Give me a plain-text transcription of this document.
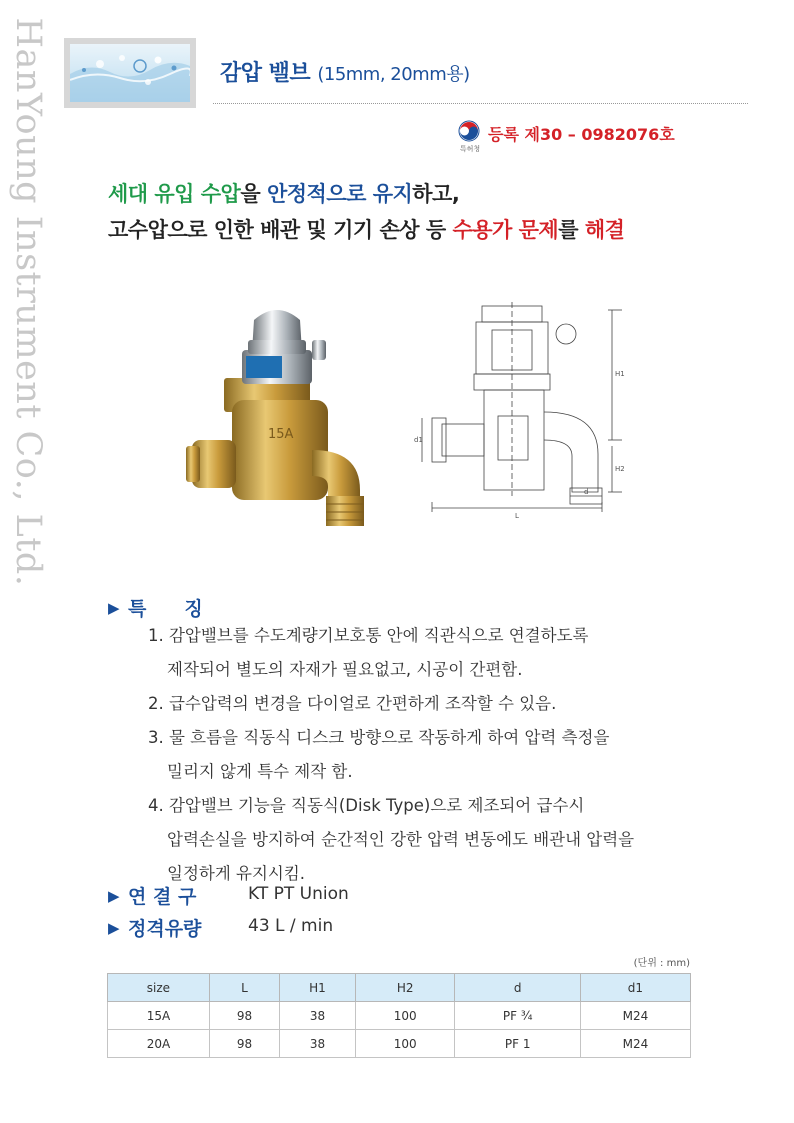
HanYoung Instrument Co., Ltd.	감압 밸브 (15mm, 20mm용)
특허청
등록 제30 – 0982076호
세대 유입 수압을 안정적으로 유지하고,
고수압으로 인한 배관 및 기기 손상 등 수용가 문제를 해결
15A
H1
H2
L
d
d1
▶ 특　　징
1. 감압밸브를 수도계량기보호통 안에 직관식으로 연결하도록
제작되어 별도의 자재가 필요없고, 시공이 간편함.
2. 급수압력의 변경을 다이얼로 간편하게 조작할 수 있음.
3. 물 흐름을 직동식 디스크 방향으로 작동하게 하여 압력 측정을
밀리지 않게 특수 제작 함.
4. 감압밸브 기능을 직동식(Disk Type)으로 제조되어 급수시
압력손실을 방지하여 순간적인 강한 압력 변동에도 배관내 압력을
일정하게 유지시킴.
▶ 연 결 구	KT PT Union
▶ 정격유량	43 L / min
(단위 : mm)
size	L	H1	H2	d	d1
15A	98	38	100	PF ¾	M24
20A	98	38	100	PF 1	M24
